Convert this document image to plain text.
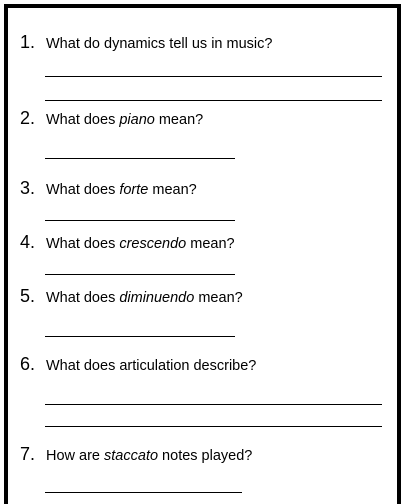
1. What do dynamics tell us in music?
2. What does piano mean?
3. What does forte mean?
4. What does crescendo mean?
5. What does diminuendo mean?
6. What does articulation describe?
7. How are staccato notes played?
